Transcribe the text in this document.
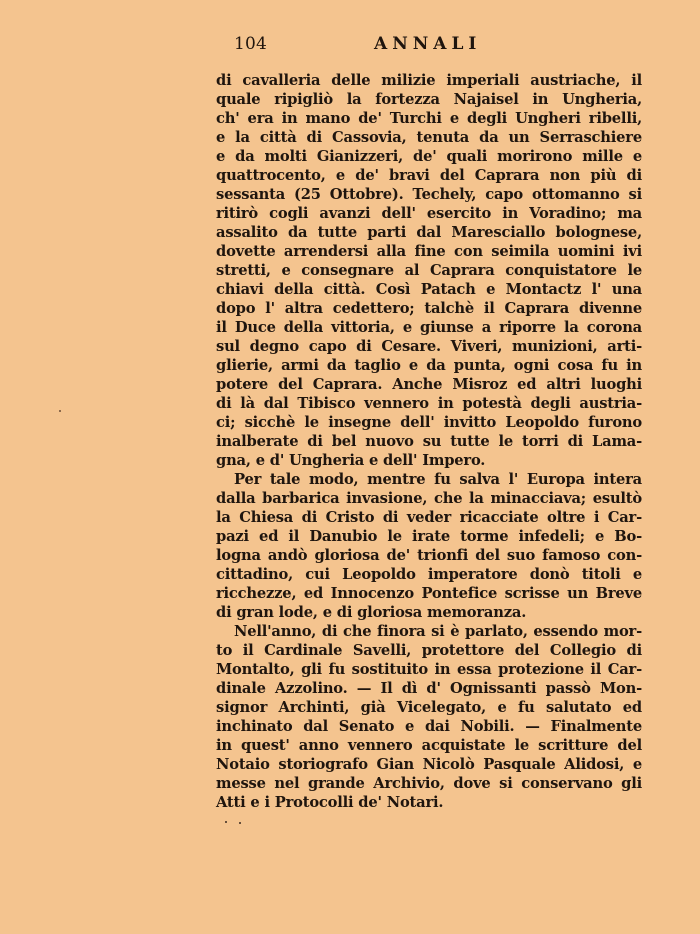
104	ANNALI
di cavalleria delle milizie imperiali austriache, il
quale ripigliò la fortezza Najaisel in Ungheria,
ch' era in mano de' Turchi e degli Ungheri ribelli,
e la città di Cassovia, tenuta da un Serraschiere
e da molti Gianizzeri, de' quali morirono mille e
quattrocento, e de' bravi del Caprara non più di
sessanta (25 Ottobre). Techely, capo ottomanno si
ritirò cogli avanzi dell' esercito in Voradino; ma
assalito da tutte parti dal Maresciallo bolognese,
dovette arrendersi alla fine con seimila uomini ivi
stretti, e consegnare al Caprara conquistatore le
chiavi della città. Così Patach e Montactz l' una
dopo l' altra cedettero; talchè il Caprara divenne
il Duce della vittoria, e giunse a riporre la corona
sul degno capo di Cesare. Viveri, munizioni, arti-
glierie, armi da taglio e da punta, ogni cosa fu in
potere del Caprara. Anche Misroz ed altri luoghi
di là dal Tibisco vennero in potestà degli austria-
ci; sicchè le insegne dell' invitto Leopoldo furono
inalberate di bel nuovo su tutte le torri di Lama-
gna, e d' Ungheria e dell' Impero.
Per tale modo, mentre fu salva l' Europa intera
dalla barbarica invasione, che la minacciava; esultò
la Chiesa di Cristo di veder ricacciate oltre i Car-
pazi ed il Danubio le irate torme infedeli; e Bo-
logna andò gloriosa de' trionfi del suo famoso con-
cittadino, cui Leopoldo imperatore donò titoli e
ricchezze, ed Innocenzo Pontefice scrisse un Breve
di gran lode, e di gloriosa memoranza.
Nell'anno, di che finora si è parlato, essendo mor-
to il Cardinale Savelli, protettore del Collegio di
Montalto, gli fu sostituito in essa protezione il Car-
dinale Azzolino. — Il dì d' Ognissanti passò Mon-
signor Archinti, già Vicelegato, e fu salutato ed
inchinato dal Senato e dai Nobili. — Finalmente
in quest' anno vennero acquistate le scritture del
Notaio storiografo Gian Nicolò Pasquale Alidosi, e
messe nel grande Archivio, dove si conservano gli
Atti e i Protocolli de' Notari.
